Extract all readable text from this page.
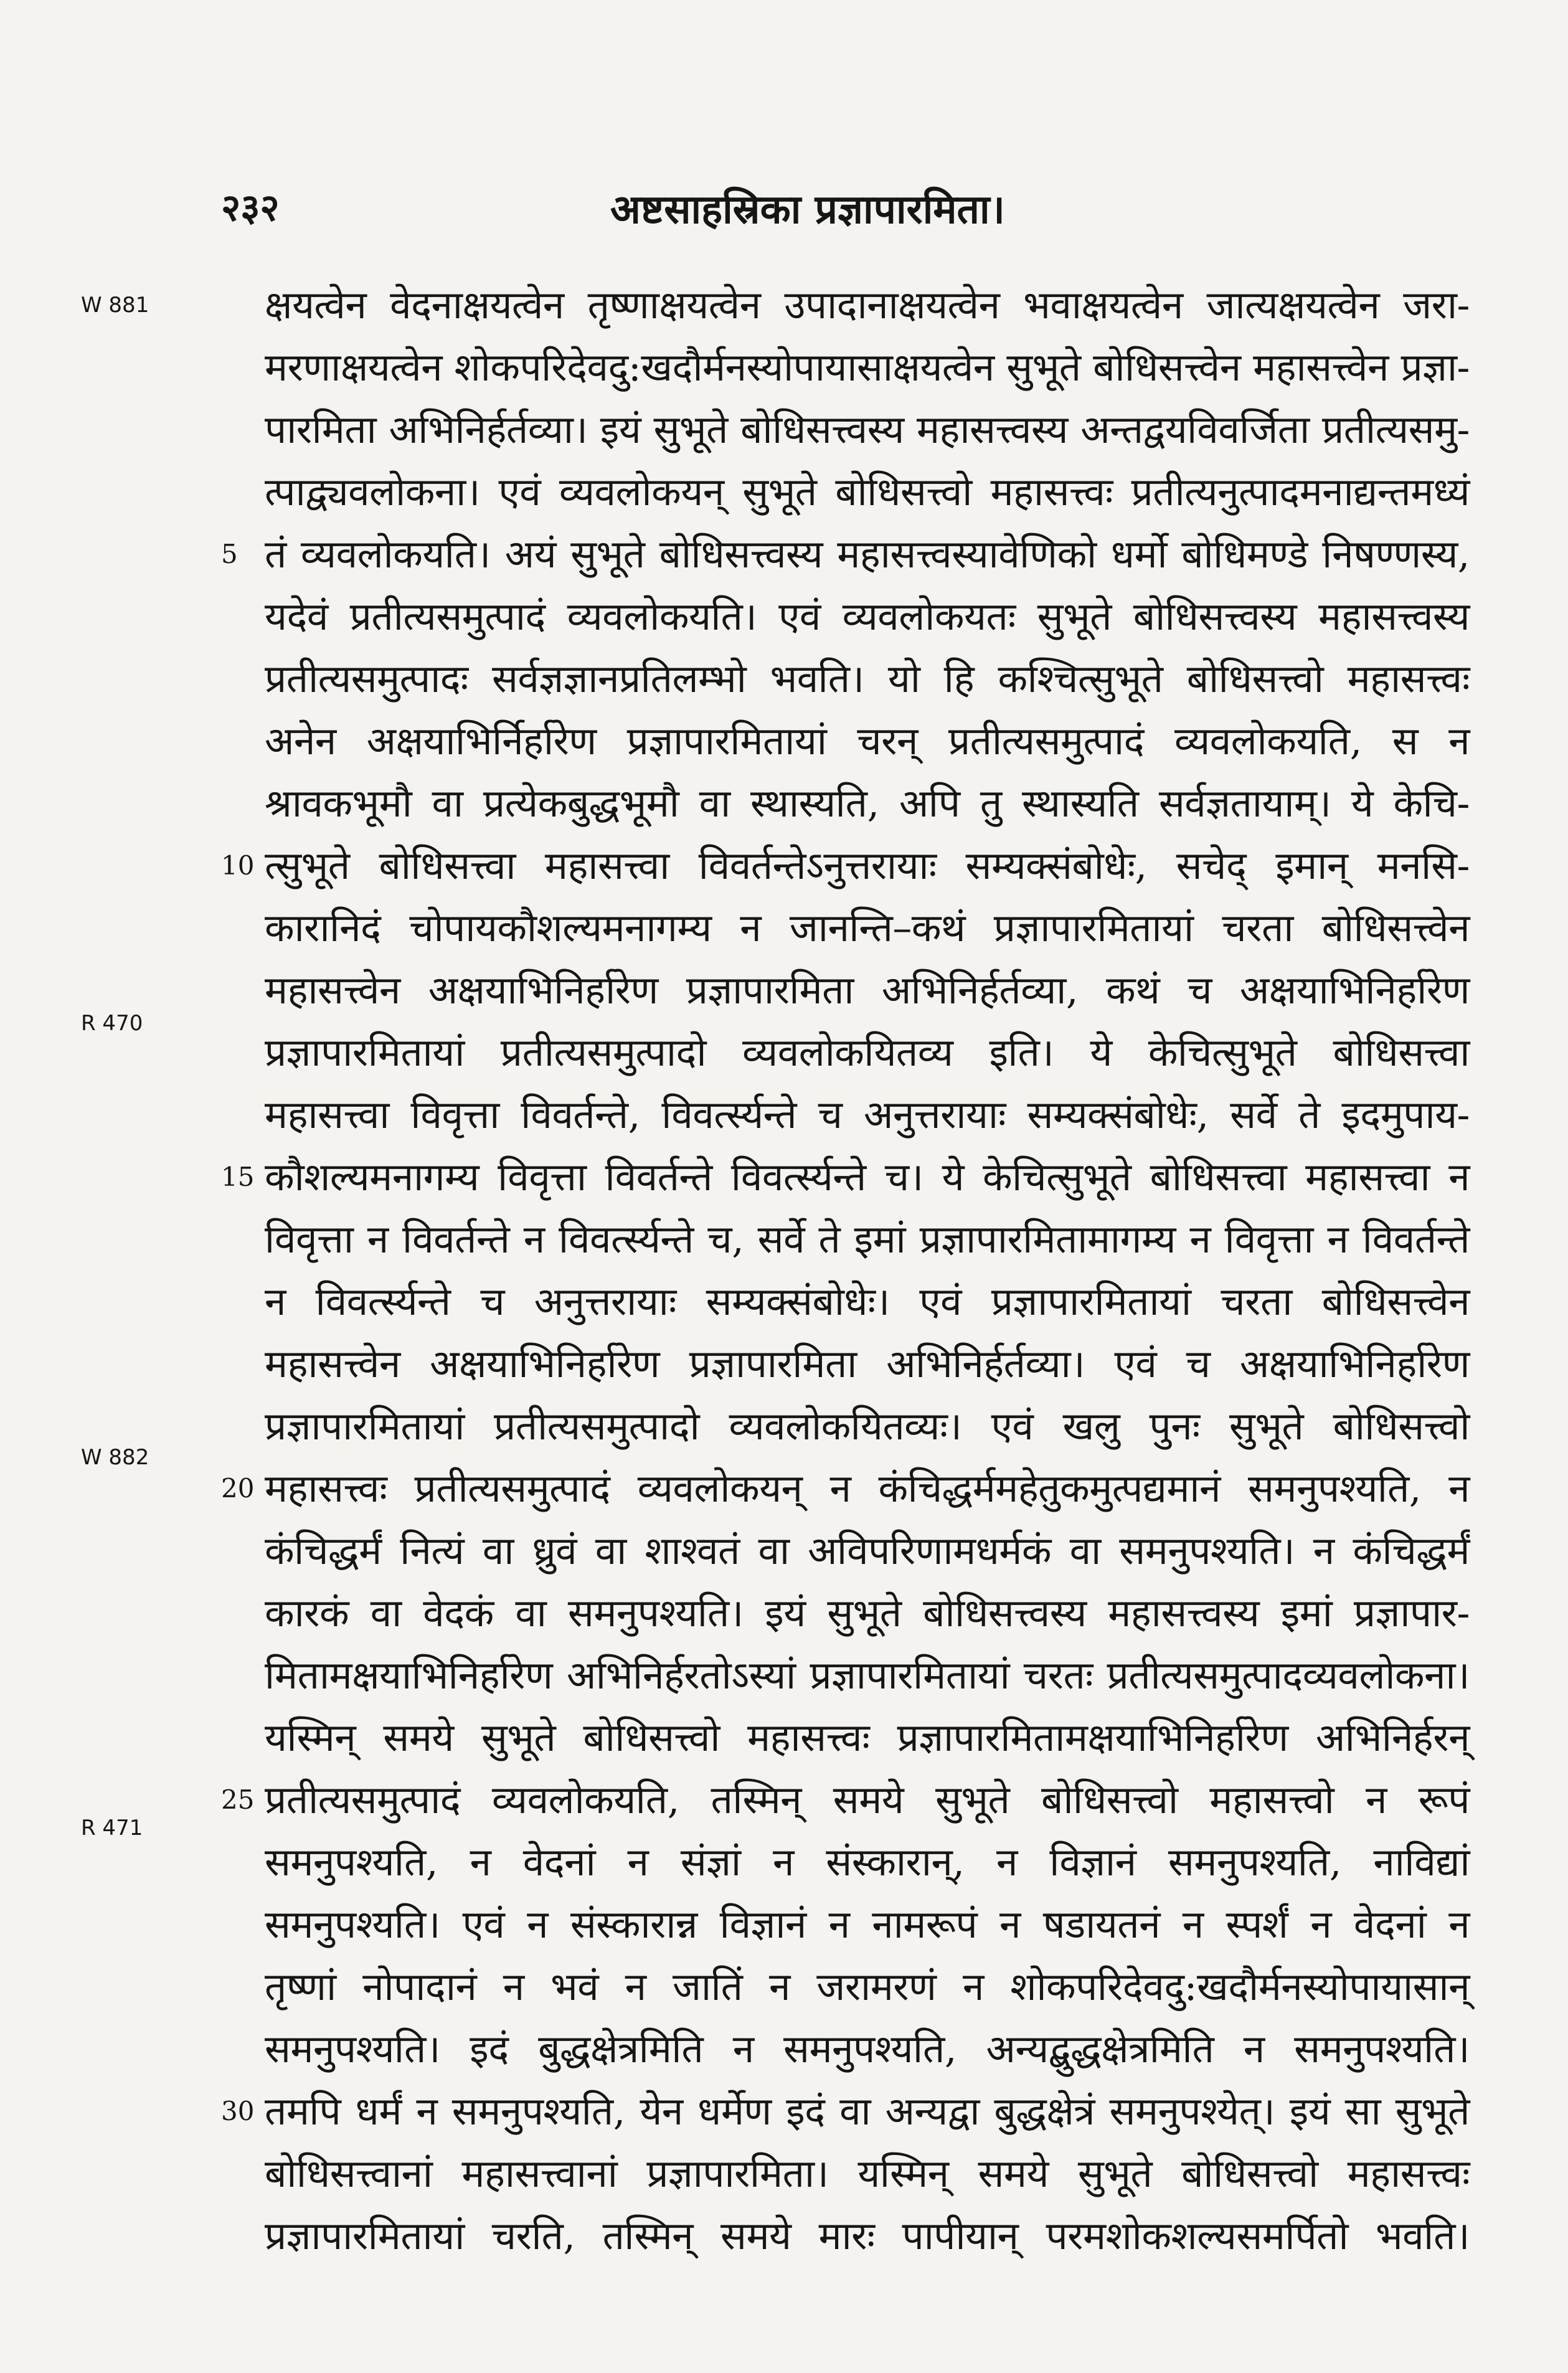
२३२	अष्टसाहस्रिका प्रज्ञापारमिता।
W 881
R 470
W 882
R 471
5
10
15
20
25
30
क्षयत्वेन वेदनाक्षयत्वेन तृष्णाक्षयत्वेन उपादानाक्षयत्वेन भवाक्षयत्वेन जात्यक्षयत्वेन जरा-
मरणाक्षयत्वेन शोकपरिदेवदु:खदौर्मनस्योपायासाक्षयत्वेन सुभूते बोधिसत्त्वेन महासत्त्वेन प्रज्ञा-
पारमिता अभिनिर्हर्तव्या। इयं सुभूते बोधिसत्त्वस्य महासत्त्वस्य अन्तद्वयविवर्जिता प्रतीत्यसमु-
त्पाद्व्यवलोकना। एवं व्यवलोकयन् सुभूते बोधिसत्त्वो महासत्त्वः प्रतीत्यनुत्पादमनाद्यन्तमध्यं
तं व्यवलोकयति। अयं सुभूते बोधिसत्त्वस्य महासत्त्वस्यावेणिको धर्मो बोधिमण्डे निषण्णस्य,
यदेवं प्रतीत्यसमुत्पादं व्यवलोकयति। एवं व्यवलोकयतः सुभूते बोधिसत्त्वस्य महासत्त्वस्य
प्रतीत्यसमुत्पादः सर्वज्ञज्ञानप्रतिलम्भो भवति। यो हि कश्चित्सुभूते बोधिसत्त्वो महासत्त्वः
अनेन अक्षयाभिर्निर्हारेण प्रज्ञापारमितायां चरन् प्रतीत्यसमुत्पादं व्यवलोकयति, स न
श्रावकभूमौ वा प्रत्येकबुद्धभूमौ वा स्थास्यति, अपि तु स्थास्यति सर्वज्ञतायाम्। ये केचि-
त्सुभूते बोधिसत्त्वा महासत्त्वा विवर्तन्तेऽनुत्तरायाः सम्यक्संबोधेः, सचेद् इमान् मनसि-
कारानिदं चोपायकौशल्यमनागम्य न जानन्ति–कथं प्रज्ञापारमितायां चरता बोधिसत्त्वेन
महासत्त्वेन अक्षयाभिनिर्हारेण प्रज्ञापारमिता अभिनिर्हर्तव्या, कथं च अक्षयाभिनिर्हारेण
प्रज्ञापारमितायां प्रतीत्यसमुत्पादो व्यवलोकयितव्य इति। ये केचित्सुभूते बोधिसत्त्वा
महासत्त्वा विवृत्ता विवर्तन्ते, विवर्त्स्यन्ते च अनुत्तरायाः सम्यक्संबोधेः, सर्वे ते इदमुपाय-
कौशल्यमनागम्य विवृत्ता विवर्तन्ते विवर्त्स्यन्ते च। ये केचित्सुभूते बोधिसत्त्वा महासत्त्वा न
विवृत्ता न विवर्तन्ते न विवर्त्स्यन्ते च, सर्वे ते इमां प्रज्ञापारमितामागम्य न विवृत्ता न विवर्तन्ते
न विवर्त्स्यन्ते च अनुत्तरायाः सम्यक्संबोधेः। एवं प्रज्ञापारमितायां चरता बोधिसत्त्वेन
महासत्त्वेन अक्षयाभिनिर्हारेण प्रज्ञापारमिता अभिनिर्हर्तव्या। एवं च अक्षयाभिनिर्हारेण
प्रज्ञापारमितायां प्रतीत्यसमुत्पादो व्यवलोकयितव्यः। एवं खलु पुनः सुभूते बोधिसत्त्वो
महासत्त्वः प्रतीत्यसमुत्पादं व्यवलोकयन् न कंचिद्धर्ममहेतुकमुत्पद्यमानं समनुपश्यति, न
कंचिद्धर्मं नित्यं वा ध्रुवं वा शाश्वतं वा अविपरिणामधर्मकं वा समनुपश्यति। न कंचिद्धर्मं
कारकं वा वेदकं वा समनुपश्यति। इयं सुभूते बोधिसत्त्वस्य महासत्त्वस्य इमां प्रज्ञापार-
मितामक्षयाभिनिर्हारेण अभिनिर्हरतोऽस्यां प्रज्ञापारमितायां चरतः प्रतीत्यसमुत्पादव्यवलोकना।
यस्मिन् समये सुभूते बोधिसत्त्वो महासत्त्वः प्रज्ञापारमितामक्षयाभिनिर्हारेण अभिनिर्हरन्
प्रतीत्यसमुत्पादं व्यवलोकयति, तस्मिन् समये सुभूते बोधिसत्त्वो महासत्त्वो न रूपं
समनुपश्यति, न वेदनां न संज्ञां न संस्कारान्, न विज्ञानं समनुपश्यति, नाविद्यां
समनुपश्यति। एवं न संस्कारान्न विज्ञानं न नामरूपं न षडायतनं न स्पर्शं न वेदनां न
तृष्णां नोपादानं न भवं न जातिं न जरामरणं न शोकपरिदेवदु:खदौर्मनस्योपायासान्
समनुपश्यति। इदं बुद्धक्षेत्रमिति न समनुपश्यति, अन्यद्बुद्धक्षेत्रमिति न समनुपश्यति।
तमपि धर्मं न समनुपश्यति, येन धर्मेण इदं वा अन्यद्वा बुद्धक्षेत्रं समनुपश्येत्। इयं सा सुभूते
बोधिसत्त्वानां महासत्त्वानां प्रज्ञापारमिता। यस्मिन् समये सुभूते बोधिसत्त्वो महासत्त्वः
प्रज्ञापारमितायां चरति, तस्मिन् समये मारः पापीयान् परमशोकशल्यसमर्पितो भवति।
